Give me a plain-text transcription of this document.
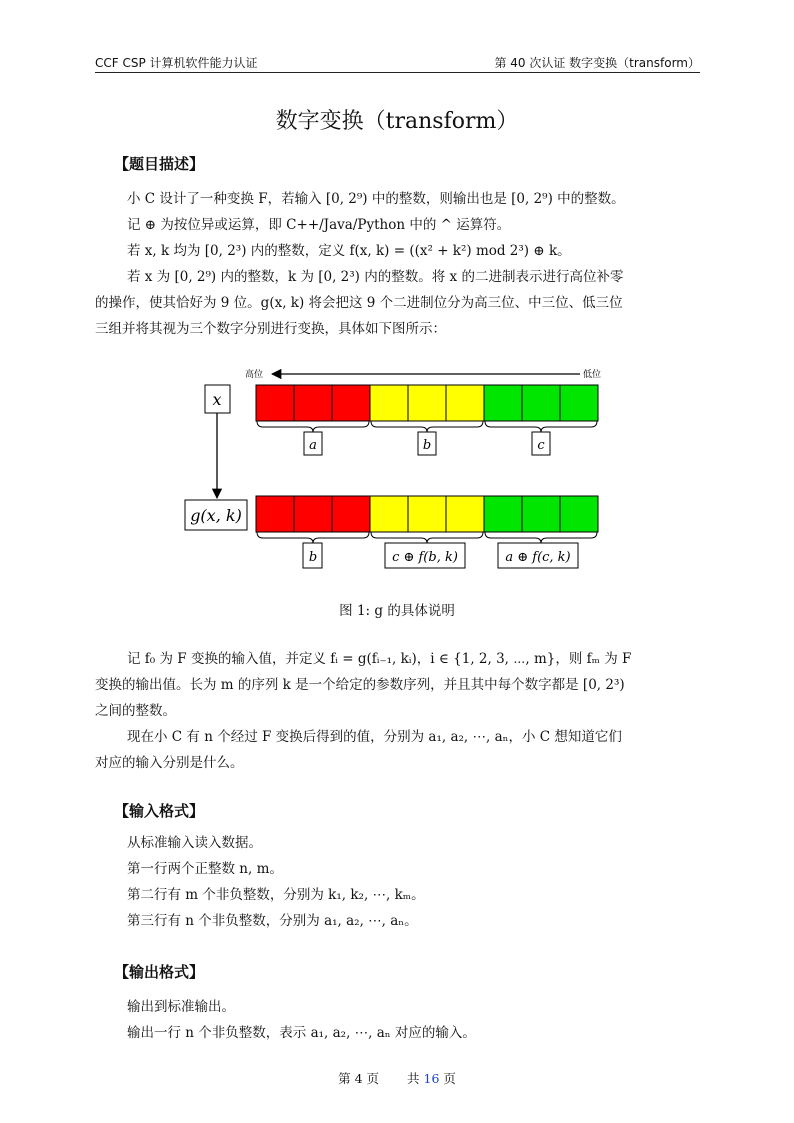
CCF CSP 计算机软件能力认证	第 40 次认证 数字变换（transform）
数字变换（transform）
【题目描述】
小 C 设计了一种变换 F，若输入 [0, 2⁹) 中的整数，则输出也是 [0, 2⁹) 中的整数。
记 ⊕ 为按位异或运算，即 C++/Java/Python 中的 ^ 运算符。
若 x, k 均为 [0, 2³) 内的整数，定义 f(x, k) = ((x² + k²) mod 2³) ⊕ k。
若 x 为 [0, 2⁹) 内的整数，k 为 [0, 2³) 内的整数。将 x 的二进制表示进行高位补零
的操作，使其恰好为 9 位。g(x, k) 将会把这 9 个二进制位分为高三位、中三位、低三位
三组并将其视为三个数字分别进行变换，具体如下图所示：
高位	低位
x
g(x, k)
a	b	c
b	c ⊕ f(b, k)	a ⊕ f(c, k)
图 1: g 的具体说明
记 f₀ 为 F 变换的输入值，并定义 fᵢ = g(fᵢ₋₁, kᵢ)，i ∈ {1, 2, 3, ⋯, m}，则 fₘ 为 F
变换的输出值。长为 m 的序列 k 是一个给定的参数序列，并且其中每个数字都是 [0, 2³)
之间的整数。
现在小 C 有 n 个经过 F 变换后得到的值，分别为 a₁, a₂, ⋯, aₙ，小 C 想知道它们
对应的输入分别是什么。
【输入格式】
从标准输入读入数据。
第一行两个正整数 n, m。
第二行有 m 个非负整数，分别为 k₁, k₂, ⋯, kₘ。
第三行有 n 个非负整数，分别为 a₁, a₂, ⋯, aₙ。
【输出格式】
输出到标准输出。
输出一行 n 个非负整数，表示 a₁, a₂, ⋯, aₙ 对应的输入。
第 4 页 共 16 页
